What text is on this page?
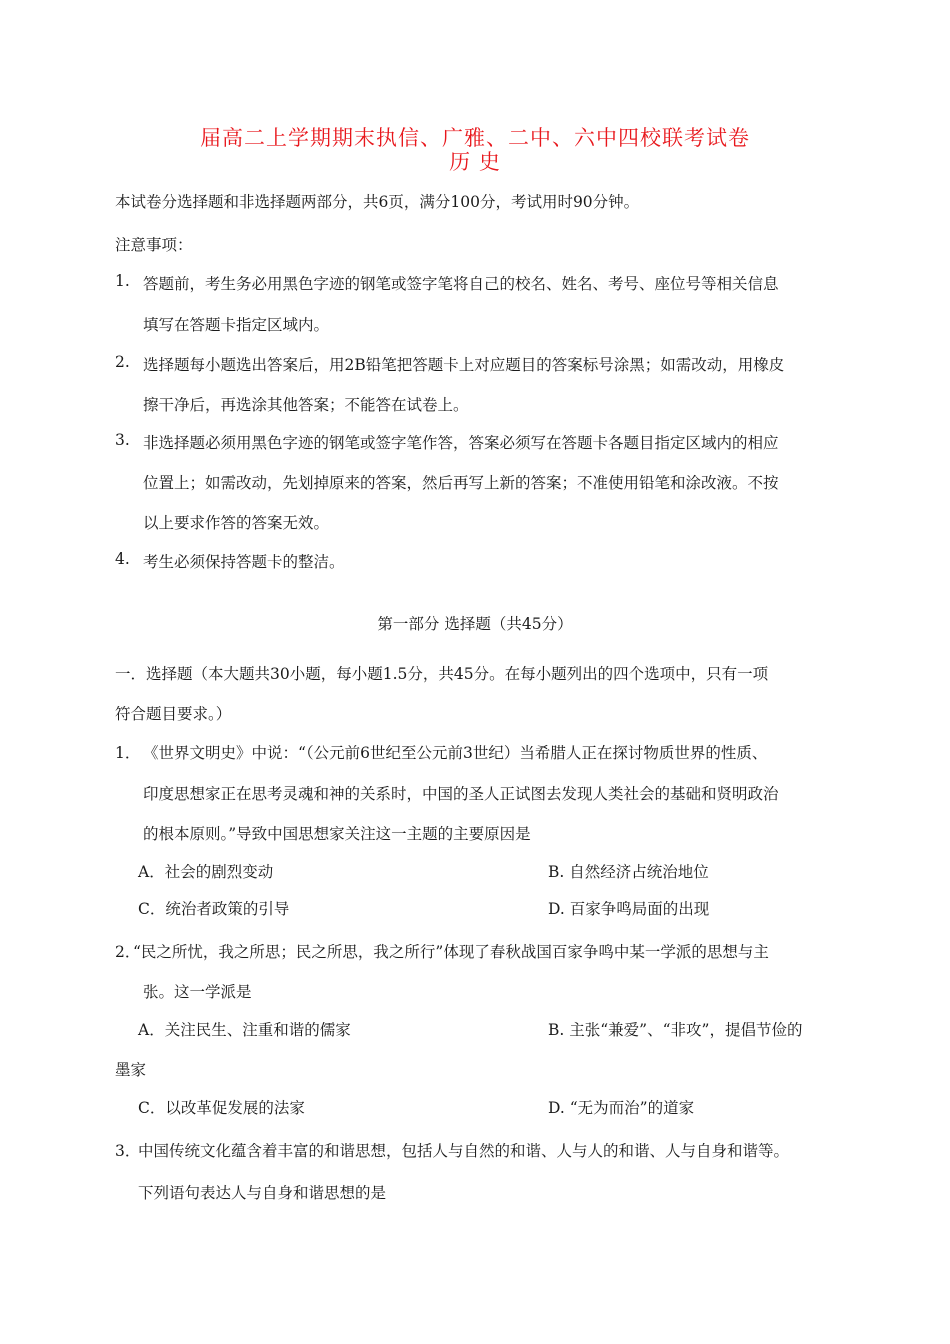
届高二上学期期末执信、广雅、二中、六中四校联考试卷
历 史
本试卷分选择题和非选择题两部分，共6页，满分100分，考试用时90分钟。
注意事项：
1. 答题前，考生务必用黑色字迹的钢笔或签字笔将自己的校名、姓名、考号、座位号等相关信息
填写在答题卡指定区域内。
2. 选择题每小题选出答案后，用2B铅笔把答题卡上对应题目的答案标号涂黑；如需改动，用橡皮
擦干净后，再选涂其他答案；不能答在试卷上。
3. 非选择题必须用黑色字迹的钢笔或签字笔作答，答案必须写在答题卡各题目指定区域内的相应
位置上；如需改动，先划掉原来的答案，然后再写上新的答案；不准使用铅笔和涂改液。不按
以上要求作答的答案无效。
4. 考生必须保持答题卡的整洁。
第一部分 选择题（共45分）
一．选择题（本大题共30小题，每小题1.5分，共45分。在每小题列出的四个选项中，只有一项
符合题目要求。）
1． 《世界文明史》中说：“（公元前6世纪至公元前3世纪）当希腊人正在探讨物质世界的性质、
印度思想家正在思考灵魂和神的关系时，中国的圣人正试图去发现人类社会的基础和贤明政治
的根本原则。”导致中国思想家关注这一主题的主要原因是
A．社会的剧烈变动	B. 自然经济占统治地位
C．统治者政策的引导	D. 百家争鸣局面的出现
2．
“民之所忧，我之所思；民之所思，我之所行”体现了春秋战国百家争鸣中某一学派的思想与主
张。这一学派是
A．关注民生、注重和谐的儒家	B. 主张“兼爱”、“非攻”，提倡节俭的
墨家
C．以改革促发展的法家	D. “无为而治”的道家
3．
中国传统文化蕴含着丰富的和谐思想，包括人与自然的和谐、人与人的和谐、人与自身和谐等。
下列语句表达人与自身和谐思想的是
